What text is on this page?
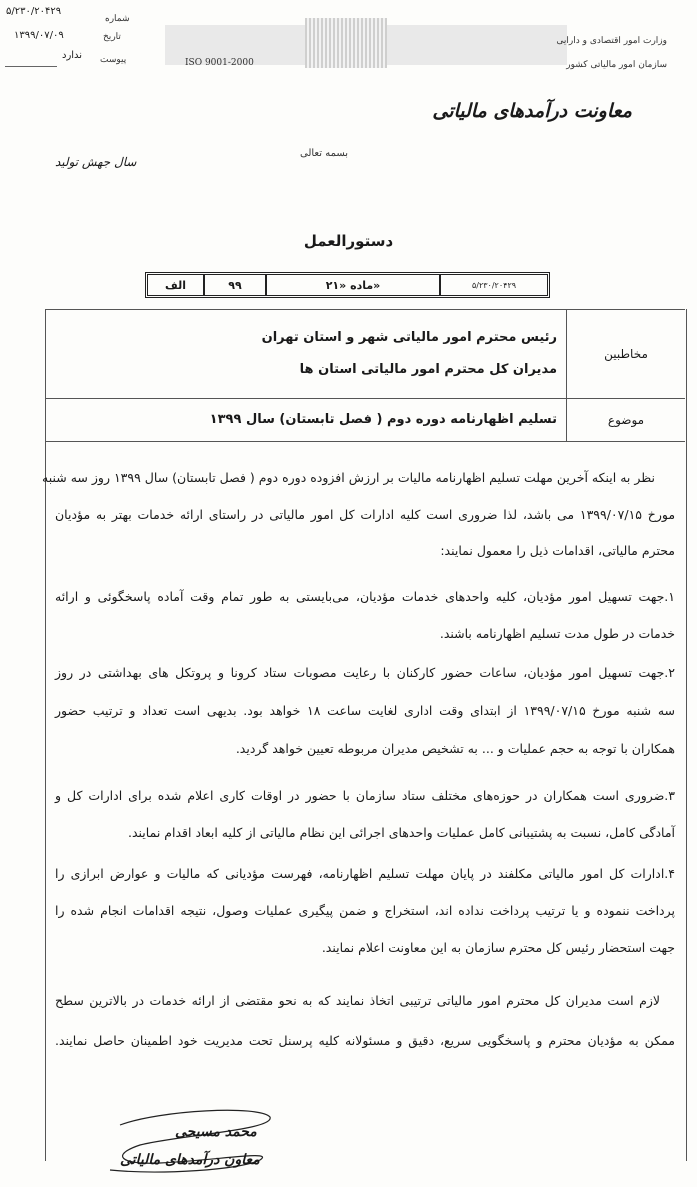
ISO 9001-2000
وزارت امور اقتصادی و دارایی
سازمان امور مالیاتی کشور
معاونت درآمدهای مالیاتی
بسمه تعالی
سال جهش تولید
۵/۲۳۰/۲۰۴۲۹
شماره
۱۳۹۹/۰۷/۰۹	تاریخ
ندارد پیوست
دستورالعمل
الف	۹۹	ماده «۲۱»	۵/۲۳۰/۲۰۴۲۹
مخاطبین
رئیس محترم امور مالیاتی شهر و استان تهران
مدیران کل محترم امور مالیاتی استان ها
موضوع
تسلیم اظهارنامه دوره دوم ( فصل تابستان) سال ۱۳۹۹
نظر به اینکه آخرین مهلت تسلیم اظهارنامه مالیات بر ارزش افزوده دوره دوم ( فصل تابستان) سال ۱۳۹۹ روز سه شنبه
مورخ ۱۳۹۹/۰۷/۱۵ می باشد، لذا ضروری است کلیه ادارات کل امور مالیاتی در راستای ارائه خدمات بهتر به مؤدیان
محترم مالیاتی، اقدامات ذیل را معمول نمایند:
۱.جهت تسهیل امور مؤدیان، کلیه واحدهای خدمات مؤدیان، می‌بایستی به طور تمام وقت آماده پاسخگوئی و ارائه
خدمات در طول مدت تسلیم اظهارنامه باشند.
۲.جهت تسهیل امور مؤدیان، ساعات حضور کارکنان با رعایت مصوبات ستاد کرونا و پروتکل های بهداشتی در روز
سه شنبه مورخ ۱۳۹۹/۰۷/۱۵ از ابتدای وقت اداری لغایت ساعت ۱۸ خواهد بود. بدیهی است تعداد و ترتیب حضور
همکاران با توجه به حجم عملیات و ... به تشخیص مدیران مربوطه تعیین خواهد گردید.
۳.ضروری است همکاران در حوزه‌های مختلف ستاد سازمان با حضور در اوقات کاری اعلام شده برای ادارات کل و
آمادگی کامل، نسبت به پشتیبانی کامل عملیات واحدهای اجرائی این نظام مالیاتی از کلیه ابعاد اقدام نمایند.
۴.ادارات کل امور مالیاتی مکلفند در پایان مهلت تسلیم اظهارنامه، فهرست مؤدیانی که مالیات و عوارض ابرازی را
پرداخت ننموده و یا ترتیب پرداخت نداده اند، استخراج و ضمن پیگیری عملیات وصول، نتیجه اقدامات انجام شده را
جهت استحضار رئیس کل محترم سازمان به این معاونت اعلام نمایند.
لازم است مدیران کل محترم امور مالیاتی ترتیبی اتخاذ نمایند که به نحو مقتضی از ارائه خدمات در بالاترین سطح
ممکن به مؤدیان محترم و پاسخگویی سریع، دقیق و مسئولانه کلیه پرسنل تحت مدیریت خود اطمینان حاصل نمایند.
محمد مسیحی
معاون درآمدهای مالیاتی
